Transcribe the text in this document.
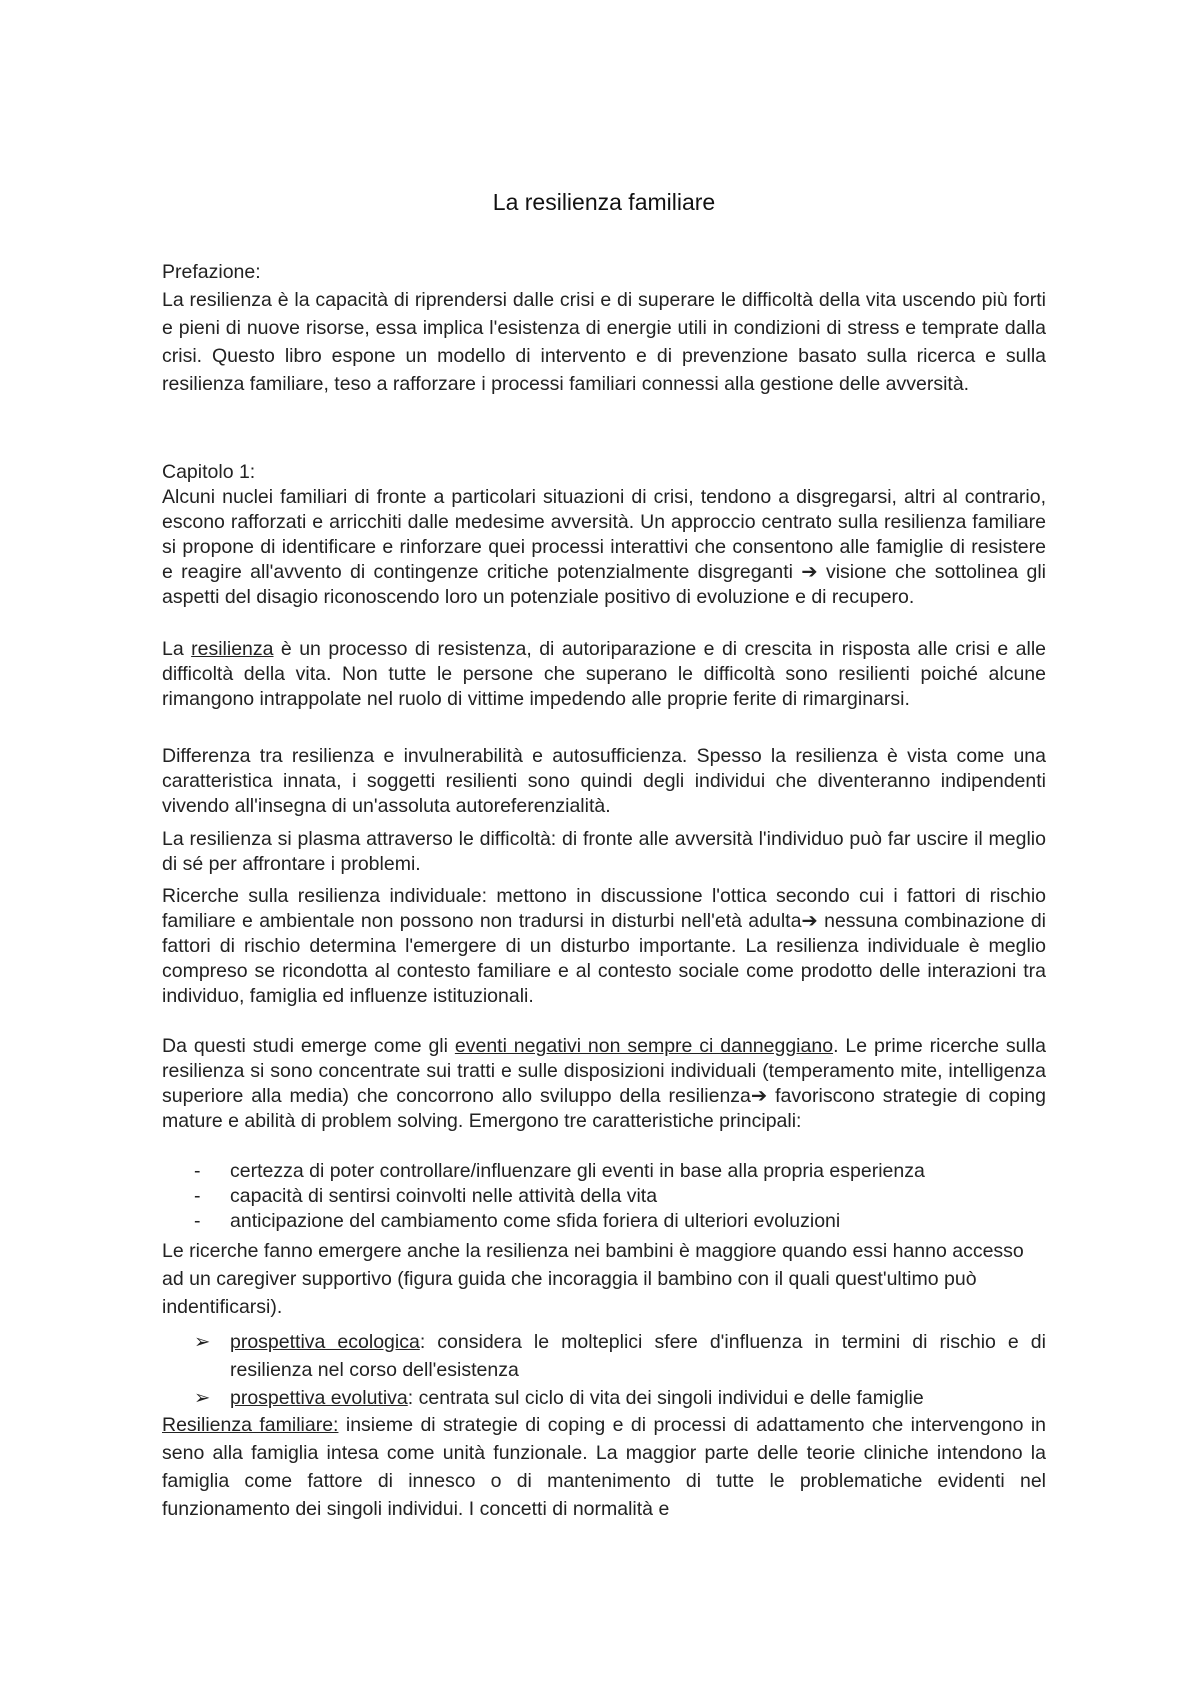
La resilienza familiare
Prefazione:
La resilienza è la capacità di riprendersi dalle crisi e di superare le difficoltà della vita uscendo più forti e pieni di nuove risorse, essa implica l'esistenza di energie utili in condizioni di stress e temprate dalla crisi. Questo libro espone un modello di intervento e di prevenzione basato sulla ricerca e sulla resilienza familiare, teso a rafforzare i processi familiari connessi alla gestione delle avversità.
Capitolo 1:
Alcuni nuclei familiari di fronte a particolari situazioni di crisi, tendono a disgregarsi, altri al contrario, escono rafforzati e arricchiti dalle medesime avversità. Un approccio centrato sulla resilienza familiare si propone di identificare e rinforzare quei processi interattivi che consentono alle famiglie di resistere e reagire all'avvento di contingenze critiche potenzialmente disgreganti ➔ visione che sottolinea gli aspetti del disagio riconoscendo loro un potenziale positivo di evoluzione e di recupero.
La resilienza è un processo di resistenza, di autoriparazione e di crescita in risposta alle crisi e alle difficoltà della vita. Non tutte le persone che superano le difficoltà sono resilienti poiché alcune rimangono intrappolate nel ruolo di vittime impedendo alle proprie ferite di rimarginarsi.
Differenza tra resilienza e invulnerabilità e autosufficienza. Spesso la resilienza è vista come una caratteristica innata, i soggetti resilienti sono quindi degli individui che diventeranno indipendenti vivendo all'insegna di un'assoluta autoreferenzialità.
La resilienza si plasma attraverso le difficoltà: di fronte alle avversità l'individuo può far uscire il meglio di sé per affrontare i problemi.
Ricerche sulla resilienza individuale: mettono in discussione l'ottica secondo cui i fattori di rischio familiare e ambientale non possono non tradursi in disturbi nell'età adulta➔ nessuna combinazione di fattori di rischio determina l'emergere di un disturbo importante. La resilienza individuale è meglio compreso se ricondotta al contesto familiare e al contesto sociale come prodotto delle interazioni tra individuo, famiglia ed influenze istituzionali.
Da questi studi emerge come gli eventi negativi non sempre ci danneggiano. Le prime ricerche sulla resilienza si sono concentrate sui tratti e sulle disposizioni individuali (temperamento mite, intelligenza superiore alla media) che concorrono allo sviluppo della resilienza➔ favoriscono strategie di coping mature e abilità di problem solving. Emergono tre caratteristiche principali:
- certezza di poter controllare/influenzare gli eventi in base alla propria esperienza
- capacità di sentirsi coinvolti nelle attività della vita
- anticipazione del cambiamento come sfida foriera di ulteriori evoluzioni
Le ricerche fanno emergere anche la resilienza nei bambini è maggiore quando essi hanno accesso ad un caregiver supportivo (figura guida che incoraggia il bambino con il quali quest'ultimo può indentificarsi).
➢ prospettiva ecologica: considera le molteplici sfere d'influenza in termini di rischio e di resilienza nel corso dell'esistenza
➢ prospettiva evolutiva: centrata sul ciclo di vita dei singoli individui e delle famiglie
Resilienza familiare: insieme di strategie di coping e di processi di adattamento che intervengono in seno alla famiglia intesa come unità funzionale. La maggior parte delle teorie cliniche intendono la famiglia come fattore di innesco o di mantenimento di tutte le problematiche evidenti nel funzionamento dei singoli individui. I concetti di normalità e
